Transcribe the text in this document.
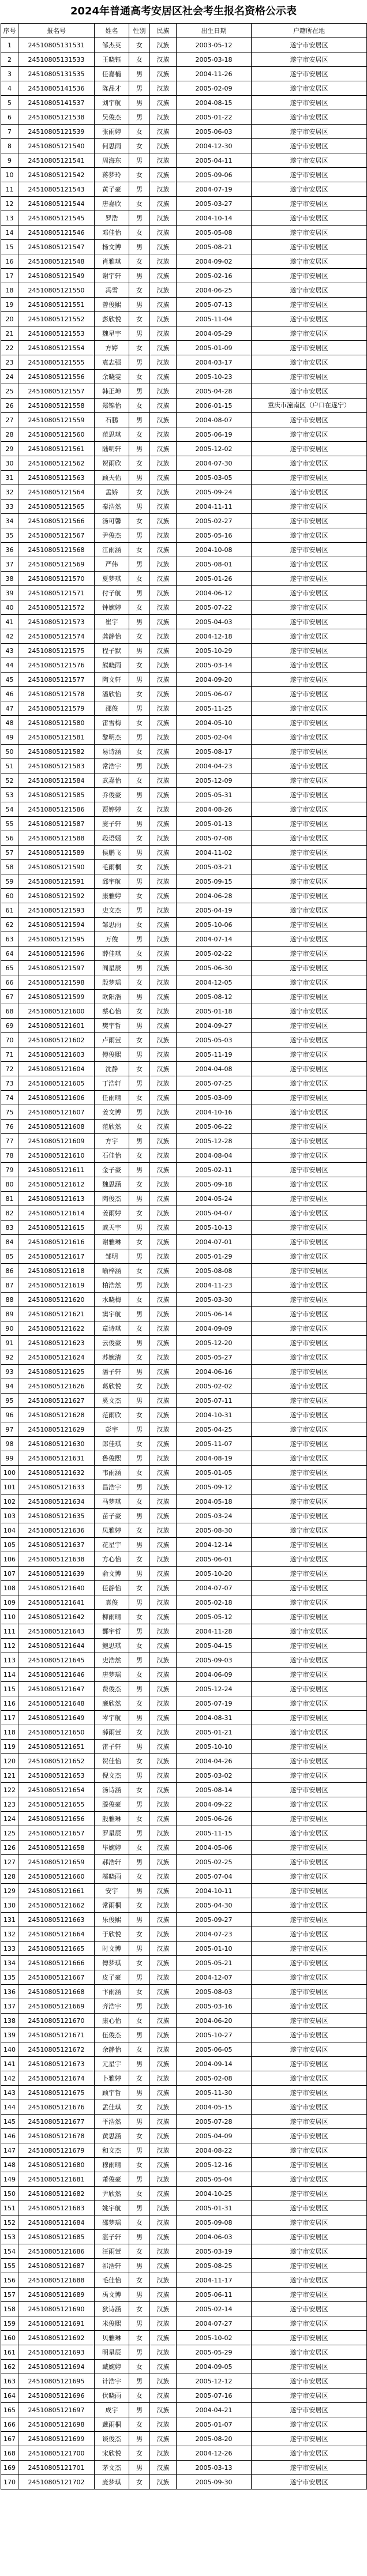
2024年普通高考安居区社会考生报名资格公示表
序号	报名号	姓名	性别	民族	出生日期	户籍所在地
1	24510805131531	邹杰英	女	汉族	2003-05-12	遂宁市安居区
2	24510805131533	王晓钰	女	汉族	2005-03-18	遂宁市安居区
3	24510805131535	任嘉楠	男	汉族	2004-11-26	遂宁市安居区
4	24510805141536	陈品才	男	汉族	2005-02-09	遂宁市安居区
5	24510805141537	刘宇航	男	汉族	2004-08-15	遂宁市安居区
6	24510805121538	吴俊杰	男	汉族	2005-01-22	遂宁市安居区
7	24510805121539	张雨婷	女	汉族	2005-06-03	遂宁市安居区
8	24510805121540	何思雨	女	汉族	2004-12-30	遂宁市安居区
9	24510805121541	周海东	男	汉族	2005-04-11	遂宁市安居区
10	24510805121542	蒋梦玲	女	汉族	2005-09-06	遂宁市安居区
11	24510805121543	黄子豪	男	汉族	2004-07-19	遂宁市安居区
12	24510805121544	唐嘉欣	女	汉族	2005-03-27	遂宁市安居区
13	24510805121545	罗浩	男	汉族	2004-10-14	遂宁市安居区
14	24510805121546	邓佳怡	女	汉族	2005-05-08	遂宁市安居区
15	24510805121547	杨文博	男	汉族	2005-08-21	遂宁市安居区
16	24510805121548	肖雅琪	女	汉族	2004-09-02	遂宁市安居区
17	24510805121549	谢宇轩	男	汉族	2005-02-16	遂宁市安居区
18	24510805121550	冯雪	女	汉族	2004-06-25	遂宁市安居区
19	24510805121551	曾俊熙	男	汉族	2005-07-13	遂宁市安居区
20	24510805121552	彭欣悦	女	汉族	2005-11-04	遂宁市安居区
21	24510805121553	魏星宇	男	汉族	2004-05-29	遂宁市安居区
22	24510805121554	方婷	女	汉族	2005-01-09	遂宁市安居区
23	24510805121555	袁志强	男	汉族	2004-03-17	遂宁市安居区
24	24510805121556	余晓雯	女	汉族	2005-10-23	遂宁市安居区
25	24510805121557	韩正坤	男	汉族	2005-04-28	遂宁市安居区
26	24510805121558	郑锦怡	女	汉族	2006-01-15	重庆市潼南区（户口在遂宁）
27	24510805121559	石鹏	男	汉族	2004-08-07	遂宁市安居区
28	24510805121560	范思琪	女	汉族	2005-06-19	遂宁市安居区
29	24510805121561	陆明轩	男	汉族	2005-12-02	遂宁市安居区
30	24510805121562	贺雨欣	女	汉族	2004-07-30	遂宁市安居区
31	24510805121563	顾天佑	男	汉族	2005-03-05	遂宁市安居区
32	24510805121564	孟娇	女	汉族	2005-09-24	遂宁市安居区
33	24510805121565	秦浩然	男	汉族	2004-11-11	遂宁市安居区
34	24510805121566	汤可馨	女	汉族	2005-02-27	遂宁市安居区
35	24510805121567	尹俊杰	男	汉族	2005-05-16	遂宁市安居区
36	24510805121568	江雨涵	女	汉族	2004-10-08	遂宁市安居区
37	24510805121569	严伟	男	汉族	2005-08-01	遂宁市安居区
38	24510805121570	夏梦琪	女	汉族	2005-01-26	遂宁市安居区
39	24510805121571	付子航	男	汉族	2004-06-12	遂宁市安居区
40	24510805121572	钟婉婷	女	汉族	2005-07-22	遂宁市安居区
41	24510805121573	崔宇	男	汉族	2005-04-03	遂宁市安居区
42	24510805121574	龚静怡	女	汉族	2004-12-18	遂宁市安居区
43	24510805121575	程子默	男	汉族	2005-10-29	遂宁市安居区
44	24510805121576	熊晓雨	女	汉族	2005-03-14	遂宁市安居区
45	24510805121577	陶文轩	男	汉族	2004-09-20	遂宁市安居区
46	24510805121578	潘欣怡	女	汉族	2005-06-07	遂宁市安居区
47	24510805121579	邵俊	男	汉族	2005-11-25	遂宁市安居区
48	24510805121580	雷雪梅	女	汉族	2004-05-10	遂宁市安居区
49	24510805121581	黎明杰	男	汉族	2005-02-04	遂宁市安居区
50	24510805121582	易诗涵	女	汉族	2005-08-17	遂宁市安居区
51	24510805121583	常浩宇	男	汉族	2004-04-23	遂宁市安居区
52	24510805121584	武嘉怡	女	汉族	2005-12-09	遂宁市安居区
53	24510805121585	乔俊豪	男	汉族	2005-05-31	遂宁市安居区
54	24510805121586	贾婷婷	女	汉族	2004-08-26	遂宁市安居区
55	24510805121587	庞子轩	男	汉族	2005-01-13	遂宁市安居区
56	24510805121588	段语嫣	女	汉族	2005-07-08	遂宁市安居区
57	24510805121589	侯鹏飞	男	汉族	2004-11-02	遂宁市安居区
58	24510805121590	毛雨桐	女	汉族	2005-03-21	遂宁市安居区
59	24510805121591	邱宇航	男	汉族	2005-09-15	遂宁市安居区
60	24510805121592	康雅婷	女	汉族	2004-06-28	遂宁市安居区
61	24510805121593	史文杰	男	汉族	2005-04-19	遂宁市安居区
62	24510805121594	邹思雨	女	汉族	2005-10-06	遂宁市安居区
63	24510805121595	万俊	男	汉族	2004-07-14	遂宁市安居区
64	24510805121596	薛佳琪	女	汉族	2005-02-22	遂宁市安居区
65	24510805121597	阎星辰	男	汉族	2005-06-30	遂宁市安居区
66	24510805121598	殷梦瑶	女	汉族	2004-12-05	遂宁市安居区
67	24510805121599	欧阳浩	男	汉族	2005-08-12	遂宁市安居区
68	24510805121600	蔡心怡	女	汉族	2005-01-18	遂宁市安居区
69	24510805121601	樊宇哲	男	汉族	2004-09-27	遂宁市安居区
70	24510805121602	卢雨萱	女	汉族	2005-05-03	遂宁市安居区
71	24510805121603	傅俊熙	男	汉族	2005-11-19	遂宁市安居区
72	24510805121604	沈静	女	汉族	2004-04-08	遂宁市安居区
73	24510805121605	丁浩轩	男	汉族	2005-07-25	遂宁市安居区
74	24510805121606	任雨晴	女	汉族	2005-03-09	遂宁市安居区
75	24510805121607	姜文博	男	汉族	2004-10-16	遂宁市安居区
76	24510805121608	范欣然	女	汉族	2005-06-22	遂宁市安居区
77	24510805121609	方宇	男	汉族	2005-12-28	遂宁市安居区
78	24510805121610	石佳怡	女	汉族	2004-08-04	遂宁市安居区
79	24510805121611	金子豪	男	汉族	2005-02-11	遂宁市安居区
80	24510805121612	魏思涵	女	汉族	2005-09-18	遂宁市安居区
81	24510805121613	陶俊杰	男	汉族	2004-05-24	遂宁市安居区
82	24510805121614	姜雨婷	女	汉族	2005-04-07	遂宁市安居区
83	24510805121615	戚天宇	男	汉族	2005-10-13	遂宁市安居区
84	24510805121616	谢雅琳	女	汉族	2004-07-01	遂宁市安居区
85	24510805121617	邹明	男	汉族	2005-01-29	遂宁市安居区
86	24510805121618	喻梓涵	女	汉族	2005-08-08	遂宁市安居区
87	24510805121619	柏浩然	男	汉族	2004-11-23	遂宁市安居区
88	24510805121620	水晓梅	女	汉族	2005-03-30	遂宁市安居区
89	24510805121621	窦宇航	男	汉族	2005-06-14	遂宁市安居区
90	24510805121622	章诗琪	女	汉族	2004-09-09	遂宁市安居区
91	24510805121623	云俊豪	男	汉族	2005-12-20	遂宁市安居区
92	24510805121624	苏婉清	女	汉族	2005-05-27	遂宁市安居区
93	24510805121625	潘子轩	男	汉族	2004-06-16	遂宁市安居区
94	24510805121626	葛欣悦	女	汉族	2005-02-02	遂宁市安居区
95	24510805121627	奚文杰	男	汉族	2005-07-11	遂宁市安居区
96	24510805121628	范雨欣	女	汉族	2004-10-31	遂宁市安居区
97	24510805121629	彭宇	男	汉族	2005-04-25	遂宁市安居区
98	24510805121630	郎佳琪	女	汉族	2005-11-07	遂宁市安居区
99	24510805121631	鲁俊熙	男	汉族	2004-08-19	遂宁市安居区
100	24510805121632	韦雨涵	女	汉族	2005-01-05	遂宁市安居区
101	24510805121633	昌浩宇	男	汉族	2005-09-12	遂宁市安居区
102	24510805121634	马梦琪	女	汉族	2004-05-18	遂宁市安居区
103	24510805121635	苗子豪	男	汉族	2005-03-24	遂宁市安居区
104	24510805121636	凤雅婷	女	汉族	2005-08-30	遂宁市安居区
105	24510805121637	花星宇	男	汉族	2004-12-14	遂宁市安居区
106	24510805121638	方心怡	女	汉族	2005-06-01	遂宁市安居区
107	24510805121639	俞文博	男	汉族	2005-10-20	遂宁市安居区
108	24510805121640	任静怡	女	汉族	2004-07-07	遂宁市安居区
109	24510805121641	袁俊	男	汉族	2005-02-18	遂宁市安居区
110	24510805121642	柳雨晴	女	汉族	2005-05-12	遂宁市安居区
111	24510805121643	酆宇哲	男	汉族	2004-11-28	遂宁市安居区
112	24510805121644	鲍思琪	女	汉族	2005-04-15	遂宁市安居区
113	24510805121645	史浩然	男	汉族	2005-09-03	遂宁市安居区
114	24510805121646	唐梦瑶	女	汉族	2004-06-09	遂宁市安居区
115	24510805121647	费俊杰	男	汉族	2005-12-24	遂宁市安居区
116	24510805121648	廉欣然	女	汉族	2005-07-19	遂宁市安居区
117	24510805121649	岑宇航	男	汉族	2004-08-31	遂宁市安居区
118	24510805121650	薛雨萱	女	汉族	2005-01-21	遂宁市安居区
119	24510805121651	雷子轩	男	汉族	2005-10-10	遂宁市安居区
120	24510805121652	贺佳怡	女	汉族	2004-04-26	遂宁市安居区
121	24510805121653	倪文杰	男	汉族	2005-03-02	遂宁市安居区
122	24510805121654	汤诗涵	女	汉族	2005-08-14	遂宁市安居区
123	24510805121655	滕俊豪	男	汉族	2004-09-22	遂宁市安居区
124	24510805121656	殷雅琳	女	汉族	2005-06-26	遂宁市安居区
125	24510805121657	罗星辰	男	汉族	2005-11-15	遂宁市安居区
126	24510805121658	毕婉婷	女	汉族	2004-05-06	遂宁市安居区
127	24510805121659	郝浩轩	男	汉族	2005-02-25	遂宁市安居区
128	24510805121660	邬晓雨	女	汉族	2005-07-04	遂宁市安居区
129	24510805121661	安宇	男	汉族	2004-10-11	遂宁市安居区
130	24510805121662	常雨桐	女	汉族	2005-04-30	遂宁市安居区
131	24510805121663	乐俊熙	男	汉族	2005-09-27	遂宁市安居区
132	24510805121664	于欣悦	女	汉族	2004-07-23	遂宁市安居区
133	24510805121665	时文博	男	汉族	2005-01-10	遂宁市安居区
134	24510805121666	傅梦琪	女	汉族	2005-05-21	遂宁市安居区
135	24510805121667	皮子豪	男	汉族	2004-12-07	遂宁市安居区
136	24510805121668	卞雨涵	女	汉族	2005-08-03	遂宁市安居区
137	24510805121669	齐浩宇	男	汉族	2005-03-16	遂宁市安居区
138	24510805121670	康心怡	女	汉族	2004-06-20	遂宁市安居区
139	24510805121671	伍俊杰	男	汉族	2005-10-27	遂宁市安居区
140	24510805121672	余静怡	女	汉族	2005-06-05	遂宁市安居区
141	24510805121673	元星宇	男	汉族	2004-09-14	遂宁市安居区
142	24510805121674	卜雅婷	女	汉族	2005-02-08	遂宁市安居区
143	24510805121675	顾宇哲	男	汉族	2005-11-30	遂宁市安居区
144	24510805121676	孟佳琪	女	汉族	2004-05-15	遂宁市安居区
145	24510805121677	平浩然	男	汉族	2005-07-28	遂宁市安居区
146	24510805121678	黄思涵	女	汉族	2005-04-09	遂宁市安居区
147	24510805121679	和文杰	男	汉族	2004-08-22	遂宁市安居区
148	24510805121680	穆雨晴	女	汉族	2005-12-16	遂宁市安居区
149	24510805121681	萧俊豪	男	汉族	2005-05-04	遂宁市安居区
150	24510805121682	尹欣然	女	汉族	2004-10-25	遂宁市安居区
151	24510805121683	姚宇航	男	汉族	2005-01-31	遂宁市安居区
152	24510805121684	邵梦瑶	女	汉族	2005-09-08	遂宁市安居区
153	24510805121685	湛子轩	男	汉族	2004-06-03	遂宁市安居区
154	24510805121686	汪雨萱	女	汉族	2005-03-19	遂宁市安居区
155	24510805121687	祁浩轩	男	汉族	2005-08-25	遂宁市安居区
156	24510805121688	毛佳怡	女	汉族	2004-11-17	遂宁市安居区
157	24510805121689	禹文博	男	汉族	2005-06-11	遂宁市安居区
158	24510805121690	狄诗涵	女	汉族	2005-02-14	遂宁市安居区
159	24510805121691	米俊熙	男	汉族	2004-07-27	遂宁市安居区
160	24510805121692	贝雅琳	女	汉族	2005-10-02	遂宁市安居区
161	24510805121693	明星辰	男	汉族	2005-05-29	遂宁市安居区
162	24510805121694	臧婉婷	女	汉族	2004-09-05	遂宁市安居区
163	24510805121695	计浩宇	男	汉族	2005-12-12	遂宁市安居区
164	24510805121696	伏晓雨	女	汉族	2005-07-16	遂宁市安居区
165	24510805121697	成宇	男	汉族	2004-04-21	遂宁市安居区
166	24510805121698	戴雨桐	女	汉族	2005-01-07	遂宁市安居区
167	24510805121699	谈俊杰	男	汉族	2005-08-20	遂宁市安居区
168	24510805121700	宋欣悦	女	汉族	2004-12-26	遂宁市安居区
169	24510805121701	茅文杰	男	汉族	2005-03-13	遂宁市安居区
170	24510805121702	庞梦琪	女	汉族	2005-09-30	遂宁市安居区
